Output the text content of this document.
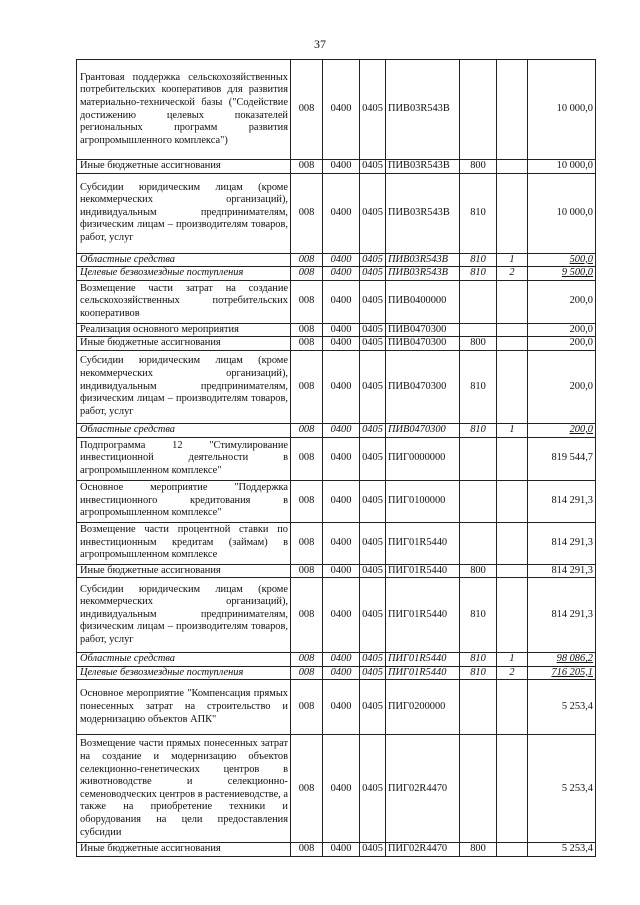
37
Грантовая поддержка сельскохозяйственных потребительских кооперативов для развития материально-технической базы ("Содействие достижению целевых показателей региональных программ развития агропромышленного комплекса")	008	0400	0405	ПИВ03R543В			10 000,0
Иные бюджетные ассигнования	008	0400	0405	ПИВ03R543В	800		10 000,0
Субсидии юридическим лицам (кроме некоммерческих организаций), индивидуальным предпринимателям, физическим лицам – производителям товаров, работ, услуг	008	0400	0405	ПИВ03R543В	810		10 000,0
Областные средства	008	0400	0405	ПИВ03R543В	810	1	500,0
Целевые безвозмездные поступления	008	0400	0405	ПИВ03R543В	810	2	9 500,0
Возмещение части затрат на создание сельскохозяйственных потребительских кооперативов	008	0400	0405	ПИВ0400000			200,0
Реализация основного мероприятия	008	0400	0405	ПИВ0470300			200,0
Иные бюджетные ассигнования	008	0400	0405	ПИВ0470300	800		200,0
Субсидии юридическим лицам (кроме некоммерческих организаций), индивидуальным предпринимателям, физическим лицам – производителям товаров, работ, услуг	008	0400	0405	ПИВ0470300	810		200,0
Областные средства	008	0400	0405	ПИВ0470300	810	1	200,0
Подпрограмма 12 "Стимулирование инвестиционной деятельности в агропромышленном комплексе"	008	0400	0405	ПИГ0000000			819 544,7
Основное мероприятие "Поддержка инвестиционного кредитования в агропромышленном комплексе"	008	0400	0405	ПИГ0100000			814 291,3
Возмещение части процентной ставки по инвестиционным кредитам (займам) в агропромышленном комплексе	008	0400	0405	ПИГ01R5440			814 291,3
Иные бюджетные ассигнования	008	0400	0405	ПИГ01R5440	800		814 291,3
Субсидии юридическим лицам (кроме некоммерческих организаций), индивидуальным предпринимателям, физическим лицам – производителям товаров, работ, услуг	008	0400	0405	ПИГ01R5440	810		814 291,3
Областные средства	008	0400	0405	ПИГ01R5440	810	1	98 086,2
Целевые безвозмездные поступления	008	0400	0405	ПИГ01R5440	810	2	716 205,1
Основное мероприятие "Компенсация прямых понесенных затрат на строительство и модернизацию объектов АПК"	008	0400	0405	ПИГ0200000			5 253,4
Возмещение части прямых понесенных затрат на создание и модернизацию объектов селекционно-генетических центров в животноводстве и селекционно-семеноводческих центров в растениеводстве, а также на приобретение техники и оборудования на цели предоставления субсидии	008	0400	0405	ПИГ02R4470			5 253,4
Иные бюджетные ассигнования	008	0400	0405	ПИГ02R4470	800		5 253,4
